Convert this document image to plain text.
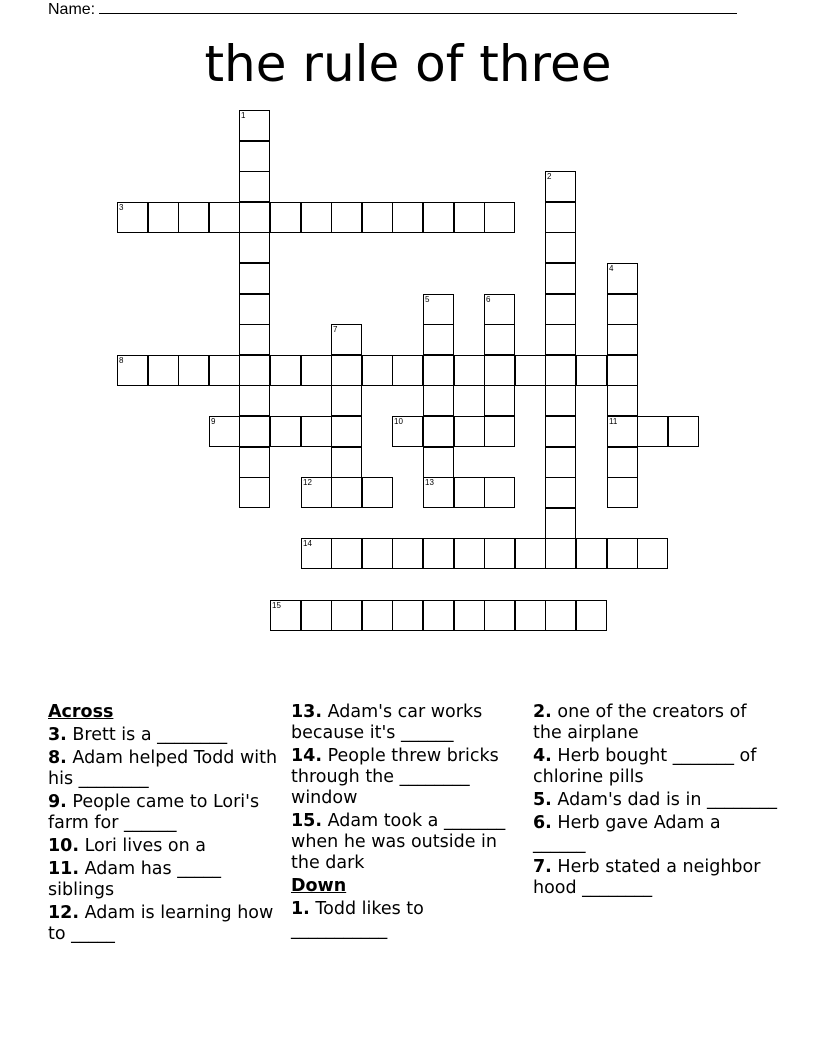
Name:
the rule of three
3
8
9	10	11
12	13
14
15
1
2
4
5	6
7
Across
3. Brett is a ________
8. Adam helped Todd with his ________
9. People came to Lori's farm for ______
10. Lori lives on a
11. Adam has _____ siblings
12. Adam is learning how to _____
13. Adam's car works because it's ______
14. People threw bricks through the ________ window
15. Adam took a _______ when he was outside in the dark
Down
1. Todd likes to ___________
2. one of the creators of the airplane
4. Herb bought _______ of chlorine pills
5. Adam's dad is in ________
6. Herb gave Adam a ______
7. Herb stated a neighbor hood ________
